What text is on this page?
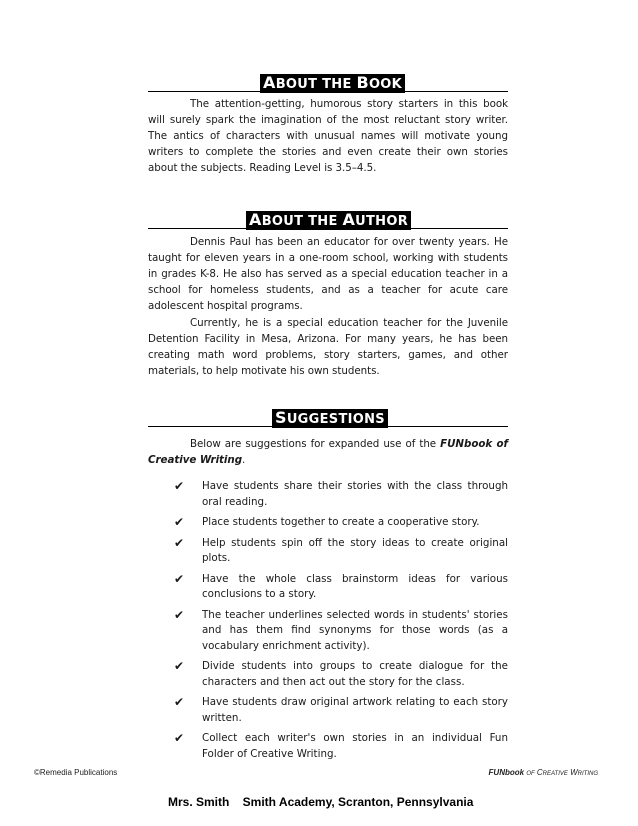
ABOUT THE BOOK

The attention-getting, humorous story starters in this book will surely spark the imagination of the most reluctant story writer. The antics of characters with unusual names will motivate young writers to complete the stories and even create their own stories about the subjects. Reading Level is 3.5–4.5.

ABOUT THE AUTHOR

Dennis Paul has been an educator for over twenty years. He taught for eleven years in a one-room school, working with students in grades K-8. He also has served as a special education teacher in a school for homeless students, and as a teacher for acute care adolescent hospital programs.

Currently, he is a special education teacher for the Juvenile Detention Facility in Mesa, Arizona. For many years, he has been creating math word problems, story starters, games, and other materials, to help motivate his own students.

SUGGESTIONS

Below are suggestions for expanded use of the FUNbook of Creative Writing.

✔ Have students share their stories with the class through oral reading.
✔ Place students together to create a cooperative story.
✔ Help students spin off the story ideas to create original plots.
✔ Have the whole class brainstorm ideas for various conclusions to a story.
✔ The teacher underlines selected words in students' stories and has them find synonyms for those words (as a vocabulary enrichment activity).
✔ Divide students into groups to create dialogue for the characters and then act out the story for the class.
✔ Have students draw original artwork relating to each story written.
✔ Collect each writer's own stories in an individual Fun Folder of Creative Writing.
©Remedia Publications	FUNbook of Creative Writing
Mrs. Smith    Smith Academy, Scranton, Pennsylvania
